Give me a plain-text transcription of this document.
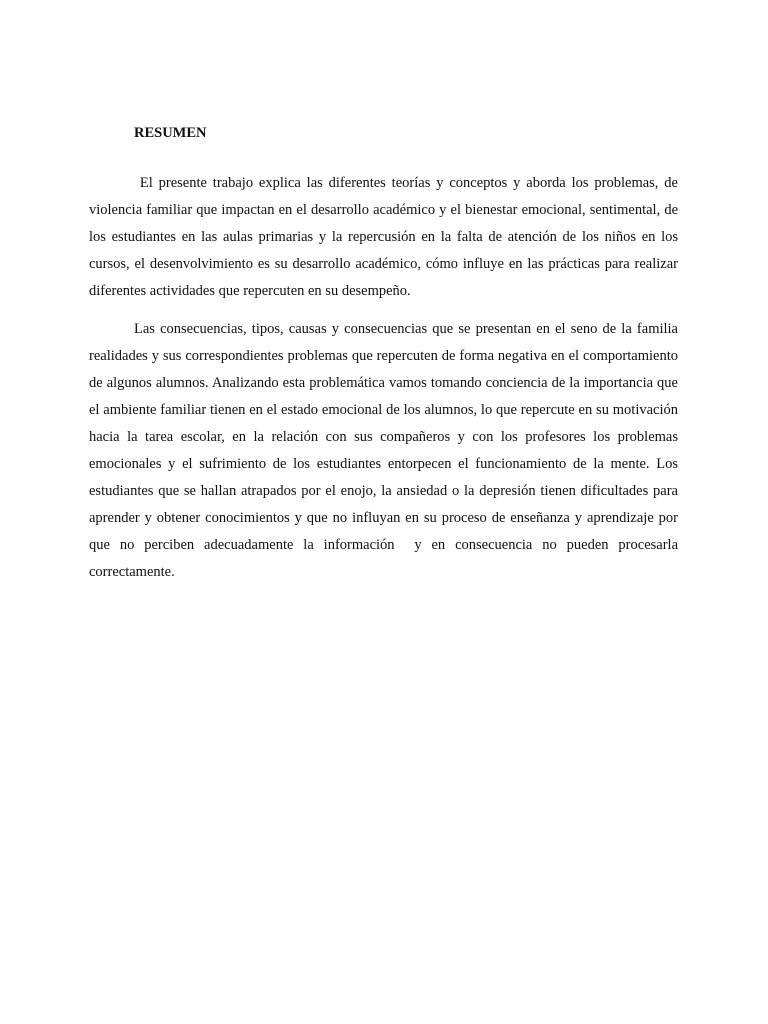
RESUMEN

El presente trabajo explica las diferentes teorías y conceptos y aborda los problemas, de violencia familiar que impactan en el desarrollo académico y el bienestar emocional, sentimental, de los estudiantes en las aulas primarias y la repercusión en la falta de atención de los niños en los cursos, el desenvolvimiento es su desarrollo académico, cómo influye en las prácticas para realizar diferentes actividades que repercuten en su desempeño.

Las consecuencias, tipos, causas y consecuencias que se presentan en el seno de la familia realidades y sus correspondientes problemas que repercuten de forma negativa en el comportamiento de algunos alumnos. Analizando esta problemática vamos tomando conciencia de la importancia que el ambiente familiar tienen en el estado emocional de los alumnos, lo que repercute en su motivación hacia la tarea escolar, en la relación con sus compañeros y con los profesores los problemas emocionales y el sufrimiento de los estudiantes entorpecen el funcionamiento de la mente. Los estudiantes que se hallan atrapados por el enojo, la ansiedad o la depresión tienen dificultades para aprender y obtener conocimientos y que no influyan en su proceso de enseñanza y aprendizaje por que no perciben adecuadamente la información  y en consecuencia no pueden procesarla correctamente.
